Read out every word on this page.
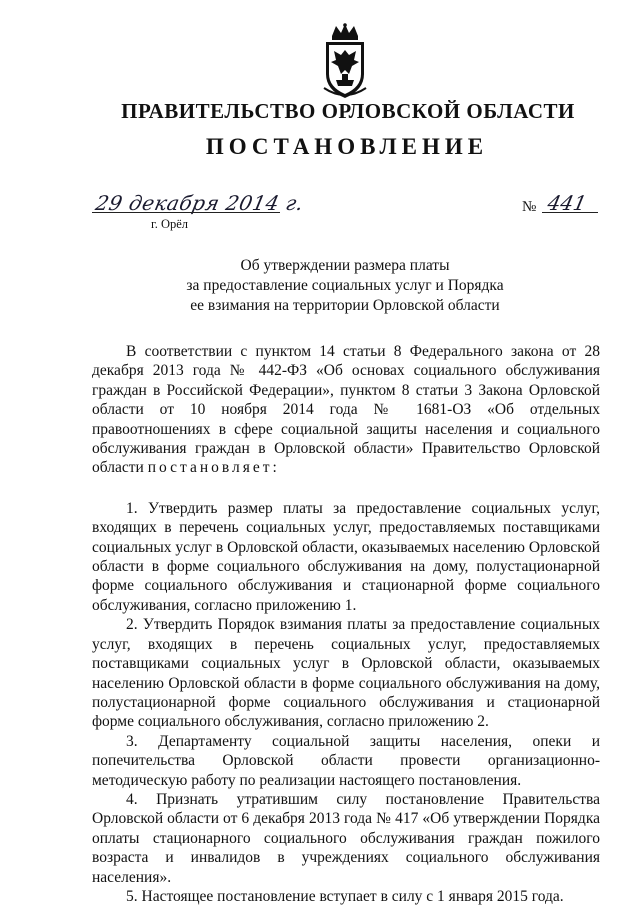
ПРАВИТЕЛЬСТВО ОРЛОВСКОЙ ОБЛАСТИ
ПОСТАНОВЛЕНИЕ
29 декабря 2014 г.
г. Орёл
№ 441
Об утверждении размера платы
за предоставление социальных услуг и Порядка
ее взимания на территории Орловской области

В соответствии с пунктом 14 статьи 8 Федерального закона от 28 декабря 2013 года № 442-ФЗ «Об основах социального обслуживания граждан в Российской Федерации», пунктом 8 статьи 3 Закона Орловской области от 10 ноября 2014 года № 1681-ОЗ «Об отдельных правоотношениях в сфере социальной защиты населения и социального обслуживания граждан в Орловской области» Правительство Орловской области постановляет:

1. Утвердить размер платы за предоставление социальных услуг, входящих в перечень социальных услуг, предоставляемых поставщиками социальных услуг в Орловской области, оказываемых населению Орловской области в форме социального обслуживания на дому, полустационарной форме социального обслуживания и стационарной форме социального обслуживания, согласно приложению 1.

2. Утвердить Порядок взимания платы за предоставление социальных услуг, входящих в перечень социальных услуг, предоставляемых поставщиками социальных услуг в Орловской области, оказываемых населению Орловской области в форме социального обслуживания на дому, полустационарной форме социального обслуживания и стационарной форме социального обслуживания, согласно приложению 2.

3. Департаменту социальной защиты населения, опеки и попечительства Орловской области провести организационно-методическую работу по реализации настоящего постановления.

4. Признать утратившим силу постановление Правительства Орловской области от 6 декабря 2013 года № 417 «Об утверждении Порядка оплаты стационарного социального обслуживания граждан пожилого возраста и инвалидов в учреждениях социального обслуживания населения».

5. Настоящее постановление вступает в силу с 1 января 2015 года.
